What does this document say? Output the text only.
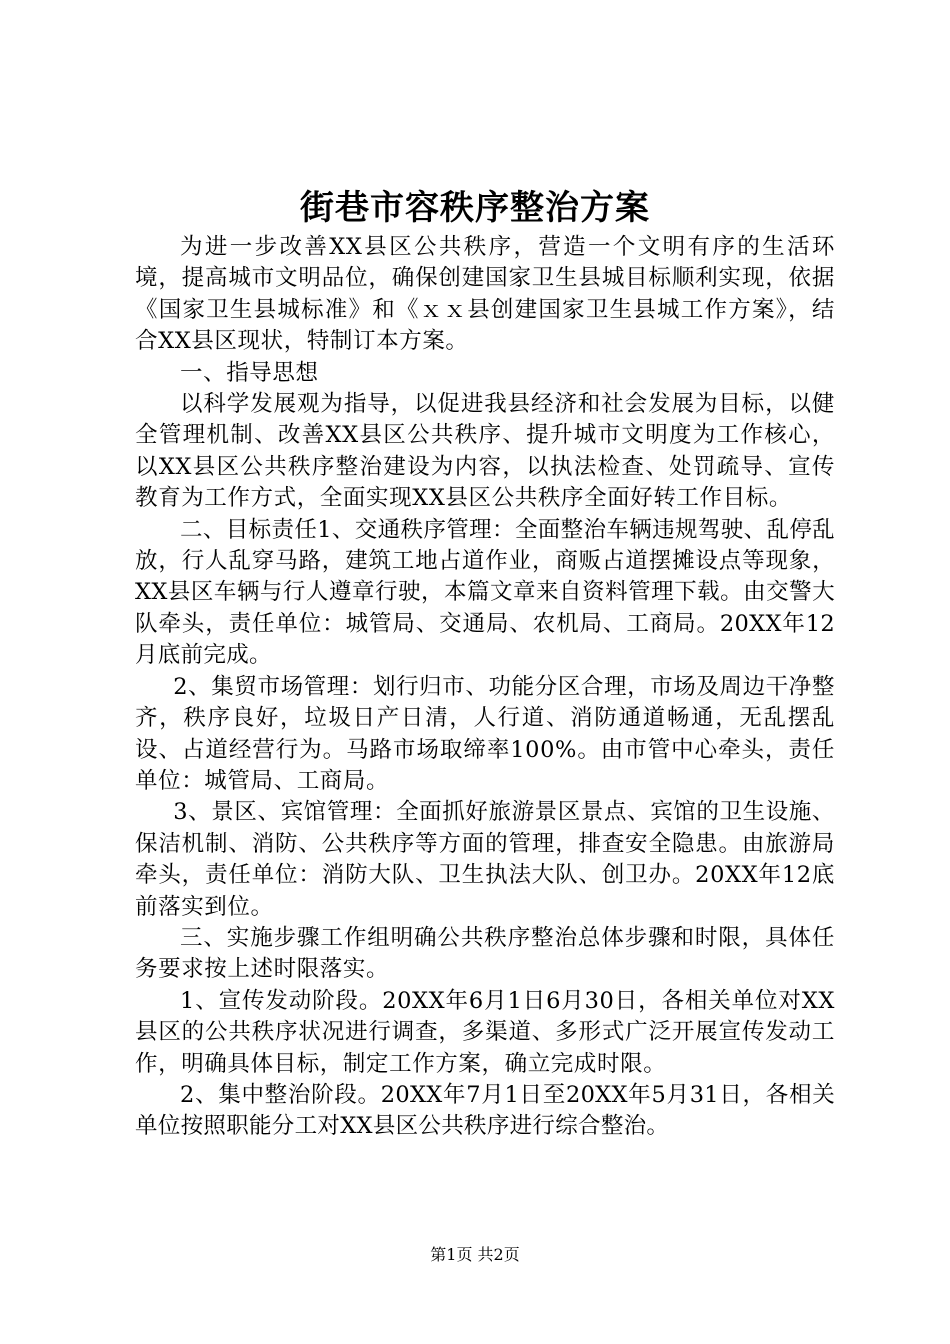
街巷市容秩序整治方案

为进一步改善XX县区公共秩序，营造一个文明有序的生活环境，提高城市文明品位，确保创建国家卫生县城目标顺利实现，依据《国家卫生县城标准》和《ｘｘ县创建国家卫生县城工作方案》，结合XX县区现状，特制订本方案。

一、指导思想

以科学发展观为指导，以促进我县经济和社会发展为目标，以健全管理机制、改善XX县区公共秩序、提升城市文明度为工作核心，以XX县区公共秩序整治建设为内容，以执法检查、处罚疏导、宣传教育为工作方式，全面实现XX县区公共秩序全面好转工作目标。

二、目标责任1、交通秩序管理：全面整治车辆违规驾驶、乱停乱放，行人乱穿马路，建筑工地占道作业，商贩占道摆摊设点等现象，XX县区车辆与行人遵章行驶，本篇文章来自资料管理下载。由交警大队牵头，责任单位：城管局、交通局、农机局、工商局。20XX年12月底前完成。

2、集贸市场管理：划行归市、功能分区合理，市场及周边干净整齐，秩序良好，垃圾日产日清，人行道、消防通道畅通，无乱摆乱设、占道经营行为。马路市场取缔率100%。由市管中心牵头，责任单位：城管局、工商局。

3、景区、宾馆管理：全面抓好旅游景区景点、宾馆的卫生设施、保洁机制、消防、公共秩序等方面的管理，排查安全隐患。由旅游局牵头，责任单位：消防大队、卫生执法大队、创卫办。20XX年12底前落实到位。

三、实施步骤工作组明确公共秩序整治总体步骤和时限，具体任务要求按上述时限落实。

1、宣传发动阶段。20XX年6月1日6月30日，各相关单位对XX县区的公共秩序状况进行调查，多渠道、多形式广泛开展宣传发动工作，明确具体目标，制定工作方案，确立完成时限。

2、集中整治阶段。20XX年7月1日至20XX年5月31日，各相关单位按照职能分工对XX县区公共秩序进行综合整治。

第1页 共2页
